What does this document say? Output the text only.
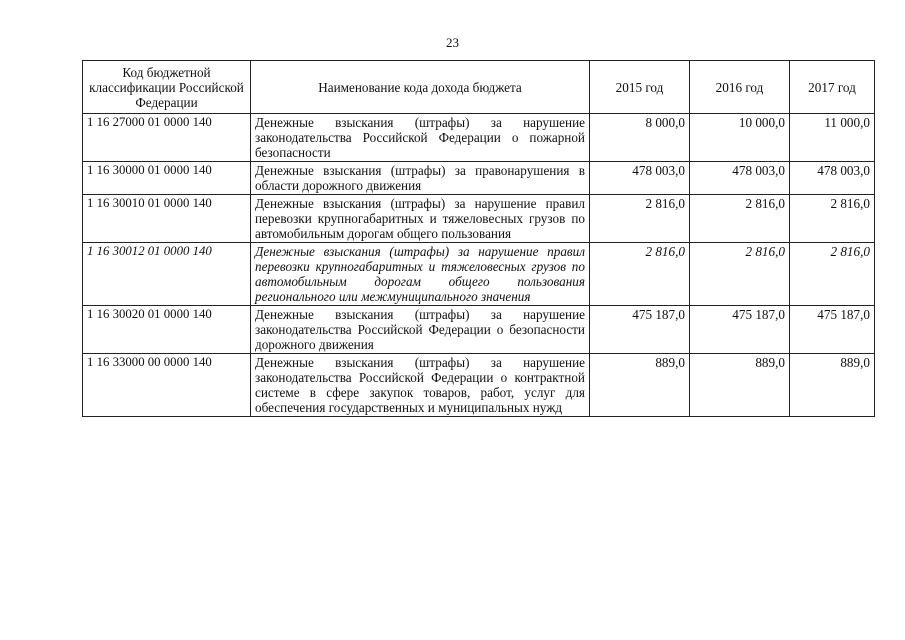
23
Код бюджетной классификации Российской Федерации	Наименование кода дохода бюджета	2015 год	2016 год	2017 год
1 16 27000 01 0000 140	Денежные взыскания (штрафы) за нарушение законодательства Российской Федерации о пожарной безопасности	8 000,0	10 000,0	11 000,0
1 16 30000 01 0000 140	Денежные взыскания (штрафы) за правонарушения в области дорожного движения	478 003,0	478 003,0	478 003,0
1 16 30010 01 0000 140	Денежные взыскания (штрафы) за нарушение правил перевозки крупногабаритных и тяжеловесных грузов по автомобильным дорогам общего пользования	2 816,0	2 816,0	2 816,0
1 16 30012 01 0000 140	Денежные взыскания (штрафы) за нарушение правил перевозки крупногабаритных и тяжеловесных грузов по автомобильным дорогам общего пользования регионального или межмуниципального значения	2 816,0	2 816,0	2 816,0
1 16 30020 01 0000 140	Денежные взыскания (штрафы) за нарушение законодательства Российской Федерации о безопасности дорожного движения	475 187,0	475 187,0	475 187,0
1 16 33000 00 0000 140	Денежные взыскания (штрафы) за нарушение законодательства Российской Федерации о контрактной системе в сфере закупок товаров, работ, услуг для обеспечения государственных и муниципальных нужд	889,0	889,0	889,0
